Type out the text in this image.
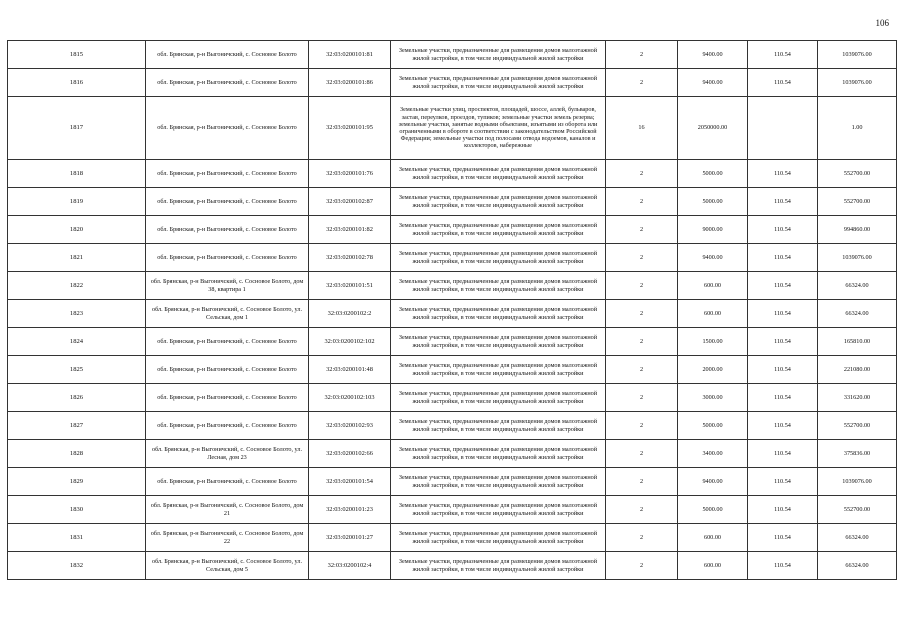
106
1815	обл. Брянская, р-н Выгоничский, с. Сосновое Болото	32:03:0200101:81	Земельные участки, предназначенные для размещения домов малоэтажной жилой застройки, в том числе индивидуальной жилой застройки	2	9400.00	110.54	1039076.00
1816	обл. Брянская, р-н Выгоничский, с. Сосновое Болото	32:03:0200101:86	Земельные участки, предназначенные для размещения домов малоэтажной жилой застройки, в том числе индивидуальной жилой застройки	2	9400.00	110.54	1039076.00
1817	обл. Брянская, р-н Выгоничский, с. Сосновое Болото	32:03:0200101:95	Земельные участки улиц, проспектов, площадей, шоссе, аллей, бульваров, застав, переулков, проездов, тупиков; земельные участки земель резерва; земельные участки, занятые водными объектами, изъятыми из оборота или ограниченными в обороте в соответствии с законодательством Российской Федерации; земельные участки под полосами отвода водоемов, каналов и коллекторов, набережные	16	2050000.00		1.00
1818	обл. Брянская, р-н Выгоничский, с. Сосновое Болото	32:03:0200101:76	Земельные участки, предназначенные для размещения домов малоэтажной жилой застройки, в том числе индивидуальной жилой застройки	2	5000.00	110.54	552700.00
1819	обл. Брянская, р-н Выгоничский, с. Сосновое Болото	32:03:0200102:87	Земельные участки, предназначенные для размещения домов малоэтажной жилой застройки, в том числе индивидуальной жилой застройки	2	5000.00	110.54	552700.00
1820	обл. Брянская, р-н Выгоничский, с. Сосновое Болото	32:03:0200101:82	Земельные участки, предназначенные для размещения домов малоэтажной жилой застройки, в том числе индивидуальной жилой застройки	2	9000.00	110.54	994860.00
1821	обл. Брянская, р-н Выгоничский, с. Сосновое Болото	32:03:0200102:78	Земельные участки, предназначенные для размещения домов малоэтажной жилой застройки, в том числе индивидуальной жилой застройки	2	9400.00	110.54	1039076.00
1822	обл. Брянская, р-н Выгоничский, с. Сосновое Болото, дом 38, квартира 1	32:03:0200101:51	Земельные участки, предназначенные для размещения домов малоэтажной жилой застройки, в том числе индивидуальной жилой застройки	2	600.00	110.54	66324.00
1823	обл. Брянская, р-н Выгоничский, с. Сосновое Болото, ул. Сельская, дом 1	32:03:0200102:2	Земельные участки, предназначенные для размещения домов малоэтажной жилой застройки, в том числе индивидуальной жилой застройки	2	600.00	110.54	66324.00
1824	обл. Брянская, р-н Выгоничский, с. Сосновое Болото	32:03:0200102:102	Земельные участки, предназначенные для размещения домов малоэтажной жилой застройки, в том числе индивидуальной жилой застройки	2	1500.00	110.54	165810.00
1825	обл. Брянская, р-н Выгоничский, с. Сосновое Болото	32:03:0200101:48	Земельные участки, предназначенные для размещения домов малоэтажной жилой застройки, в том числе индивидуальной жилой застройки	2	2000.00	110.54	221080.00
1826	обл. Брянская, р-н Выгоничский, с. Сосновое Болото	32:03:0200102:103	Земельные участки, предназначенные для размещения домов малоэтажной жилой застройки, в том числе индивидуальной жилой застройки	2	3000.00	110.54	331620.00
1827	обл. Брянская, р-н Выгоничский, с. Сосновое Болото	32:03:0200102:93	Земельные участки, предназначенные для размещения домов малоэтажной жилой застройки, в том числе индивидуальной жилой застройки	2	5000.00	110.54	552700.00
1828	обл. Брянская, р-н Выгоничский, с. Сосновое Болото, ул. Лесная, дом 23	32:03:0200102:66	Земельные участки, предназначенные для размещения домов малоэтажной жилой застройки, в том числе индивидуальной жилой застройки	2	3400.00	110.54	375836.00
1829	обл. Брянская, р-н Выгоничский, с. Сосновое Болото	32:03:0200101:54	Земельные участки, предназначенные для размещения домов малоэтажной жилой застройки, в том числе индивидуальной жилой застройки	2	9400.00	110.54	1039076.00
1830	обл. Брянская, р-н Выгоничский, с. Сосновое Болото, дом 21	32:03:0200101:23	Земельные участки, предназначенные для размещения домов малоэтажной жилой застройки, в том числе индивидуальной жилой застройки	2	5000.00	110.54	552700.00
1831	обл. Брянская, р-н Выгоничский, с. Сосновое Болото, дом 22	32:03:0200101:27	Земельные участки, предназначенные для размещения домов малоэтажной жилой застройки, в том числе индивидуальной жилой застройки	2	600.00	110.54	66324.00
1832	обл. Брянская, р-н Выгоничский, с. Сосновое Болото, ул. Сельская, дом 5	32:03:0200102:4	Земельные участки, предназначенные для размещения домов малоэтажной жилой застройки, в том числе индивидуальной жилой застройки	2	600.00	110.54	66324.00
